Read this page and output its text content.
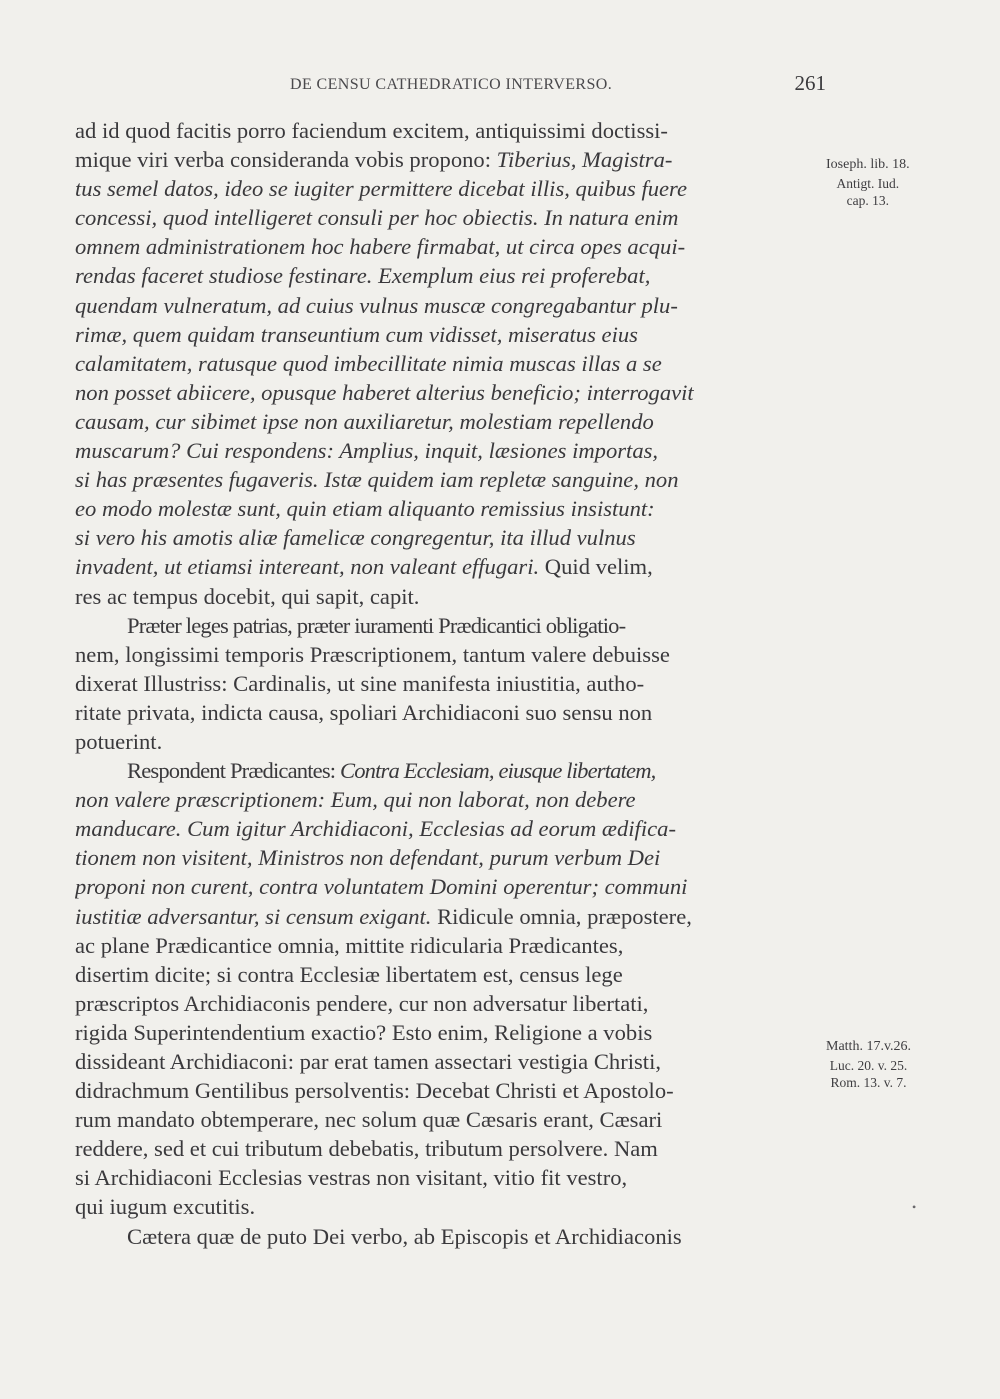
DE CENSU CATHEDRATICO INTERVERSO.	261
ad id quod facitis porro faciendum excitem, antiquissimi doctissi-
mique viri verba consideranda vobis propono: Tiberius, Magistra-
tus semel datos, ideo se iugiter permittere dicebat illis, quibus fuere
concessi, quod intelligeret consuli per hoc obiectis. In natura enim
omnem administrationem hoc habere firmabat, ut circa opes acqui-
rendas faceret studiose festinare. Exemplum eius rei proferebat,
quendam vulneratum, ad cuius vulnus muscæ congregabantur plu-
rimæ, quem quidam transeuntium cum vidisset, miseratus eius
calamitatem, ratusque quod imbecillitate nimia muscas illas a se
non posset abiicere, opusque haberet alterius beneficio; interrogavit
causam, cur sibimet ipse non auxiliaretur, molestiam repellendo
muscarum? Cui respondens: Amplius, inquit, læsiones importas,
si has præsentes fugaveris. Istæ quidem iam repletæ sanguine, non
eo modo molestæ sunt, quin etiam aliquanto remissius insistunt:
si vero his amotis aliæ famelicæ congregentur, ita illud vulnus
invadent, ut etiamsi intereant, non valeant effugari. Quid velim,
res ac tempus docebit, qui sapit, capit.
Præter leges patrias, præter iuramenti Prædicantici obligatio-
nem, longissimi temporis Præscriptionem, tantum valere debuisse
dixerat Illustriss: Cardinalis, ut sine manifesta iniustitia, autho-
ritate privata, indicta causa, spoliari Archidiaconi suo sensu non
potuerint.
Respondent Prædicantes: Contra Ecclesiam, eiusque libertatem,
non valere præscriptionem: Eum, qui non laborat, non debere
manducare. Cum igitur Archidiaconi, Ecclesias ad eorum ædifica-
tionem non visitent, Ministros non defendant, purum verbum Dei
proponi non curent, contra voluntatem Domini operentur; communi
iustitiæ adversantur, si censum exigant. Ridicule omnia, præpostere,
ac plane Prædicantice omnia, mittite ridicularia Prædicantes,
disertim dicite; si contra Ecclesiæ libertatem est, census lege
præscriptos Archidiaconis pendere, cur non adversatur libertati,
rigida Superintendentium exactio? Esto enim, Religione a vobis
dissideant Archidiaconi: par erat tamen assectari vestigia Christi,
didrachmum Gentilibus persolventis: Decebat Christi et Apostolo-
rum mandato obtemperare, nec solum quæ Cæsaris erant, Cæsari
reddere, sed et cui tributum debebatis, tributum persolvere. Nam
si Archidiaconi Ecclesias vestras non visitant, vitio fit vestro,
qui iugum excutitis.
Cætera quæ de puto Dei verbo, ab Episcopis et Archidiaconis
Ioseph. lib. 18.
Antigt. Iud.
cap. 13.
Matth. 17.v.26.
Luc. 20. v. 25.
Rom. 13. v. 7.
•
